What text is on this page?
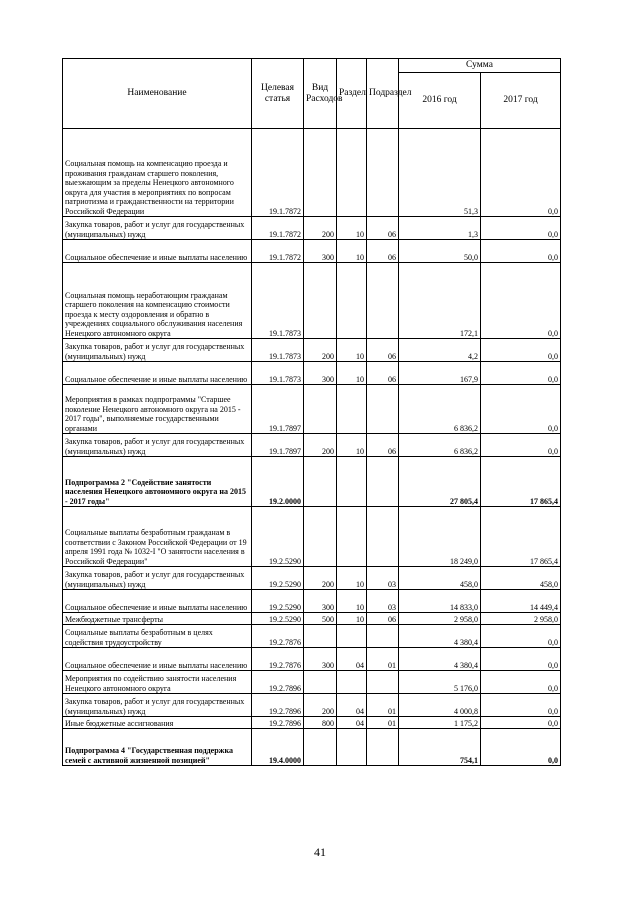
Наименование	Целевая статья	Вид Расходов	Раздел	Подраздел	Сумма	
					2016 год	2017 год
Социальная помощь на компенсацию проезда и проживания гражданам старшего поколения, выезжающим за пределы Ненецкого автономного округа для участия в мероприятиях по вопросам патриотизма и гражданственности на территории Российской Федерации	19.1.7872				51,3	0,0
Закупка товаров, работ и услуг для государственных (муниципальных) нужд	19.1.7872	200	10	06	1,3	0,0
Социальное обеспечение и иные выплаты населению	19.1.7872	300	10	06	50,0	0,0
Социальная помощь неработающим гражданам старшего поколения на компенсацию стоимости проезда к месту оздоровления и обратно в учреждениях социального обслуживания населения Ненецкого автономного округа	19.1.7873				172,1	0,0
Закупка товаров, работ и услуг для государственных (муниципальных) нужд	19.1.7873	200	10	06	4,2	0,0
Социальное обеспечение и иные выплаты населению	19.1.7873	300	10	06	167,9	0,0
Мероприятия в рамках подпрограммы "Старшее поколение Ненецкого автономного округа на 2015 - 2017 годы", выполняемые государственными органами	19.1.7897				6 836,2	0,0
Закупка товаров, работ и услуг для государственных (муниципальных) нужд	19.1.7897	200	10	06	6 836,2	0,0
Подпрограмма 2 "Содействие занятости населения Ненецкого автономного округа на 2015 - 2017 годы"	19.2.0000				27 805,4	17 865,4
Социальные выплаты безработным гражданам в соответствии с Законом Российской Федерации от 19 апреля 1991 года № 1032-I "О занятости населения в Российской Федерации"	19.2.5290				18 249,0	17 865,4
Закупка товаров, работ и услуг для государственных (муниципальных) нужд	19.2.5290	200	10	03	458,0	458,0
Социальное обеспечение и иные выплаты населению	19.2.5290	300	10	03	14 833,0	14 449,4
Межбюджетные трансферты	19.2.5290	500	10	06	2 958,0	2 958,0
Социальные выплаты безработным в целях содействия трудоустройству	19.2.7876				4 380,4	0,0
Социальное обеспечение и иные выплаты населению	19.2.7876	300	04	01	4 380,4	0,0
Мероприятия по содействию занятости населения Ненецкого автономного округа	19.2.7896				5 176,0	0,0
Закупка товаров, работ и услуг для государственных (муниципальных) нужд	19.2.7896	200	04	01	4 000,8	0,0
Иные бюджетные ассигнования	19.2.7896	800	04	01	1 175,2	0,0
Подпрограмма 4 "Государственная поддержка семей с активной жизненной позицией"	19.4.0000				754,1	0,0
41
